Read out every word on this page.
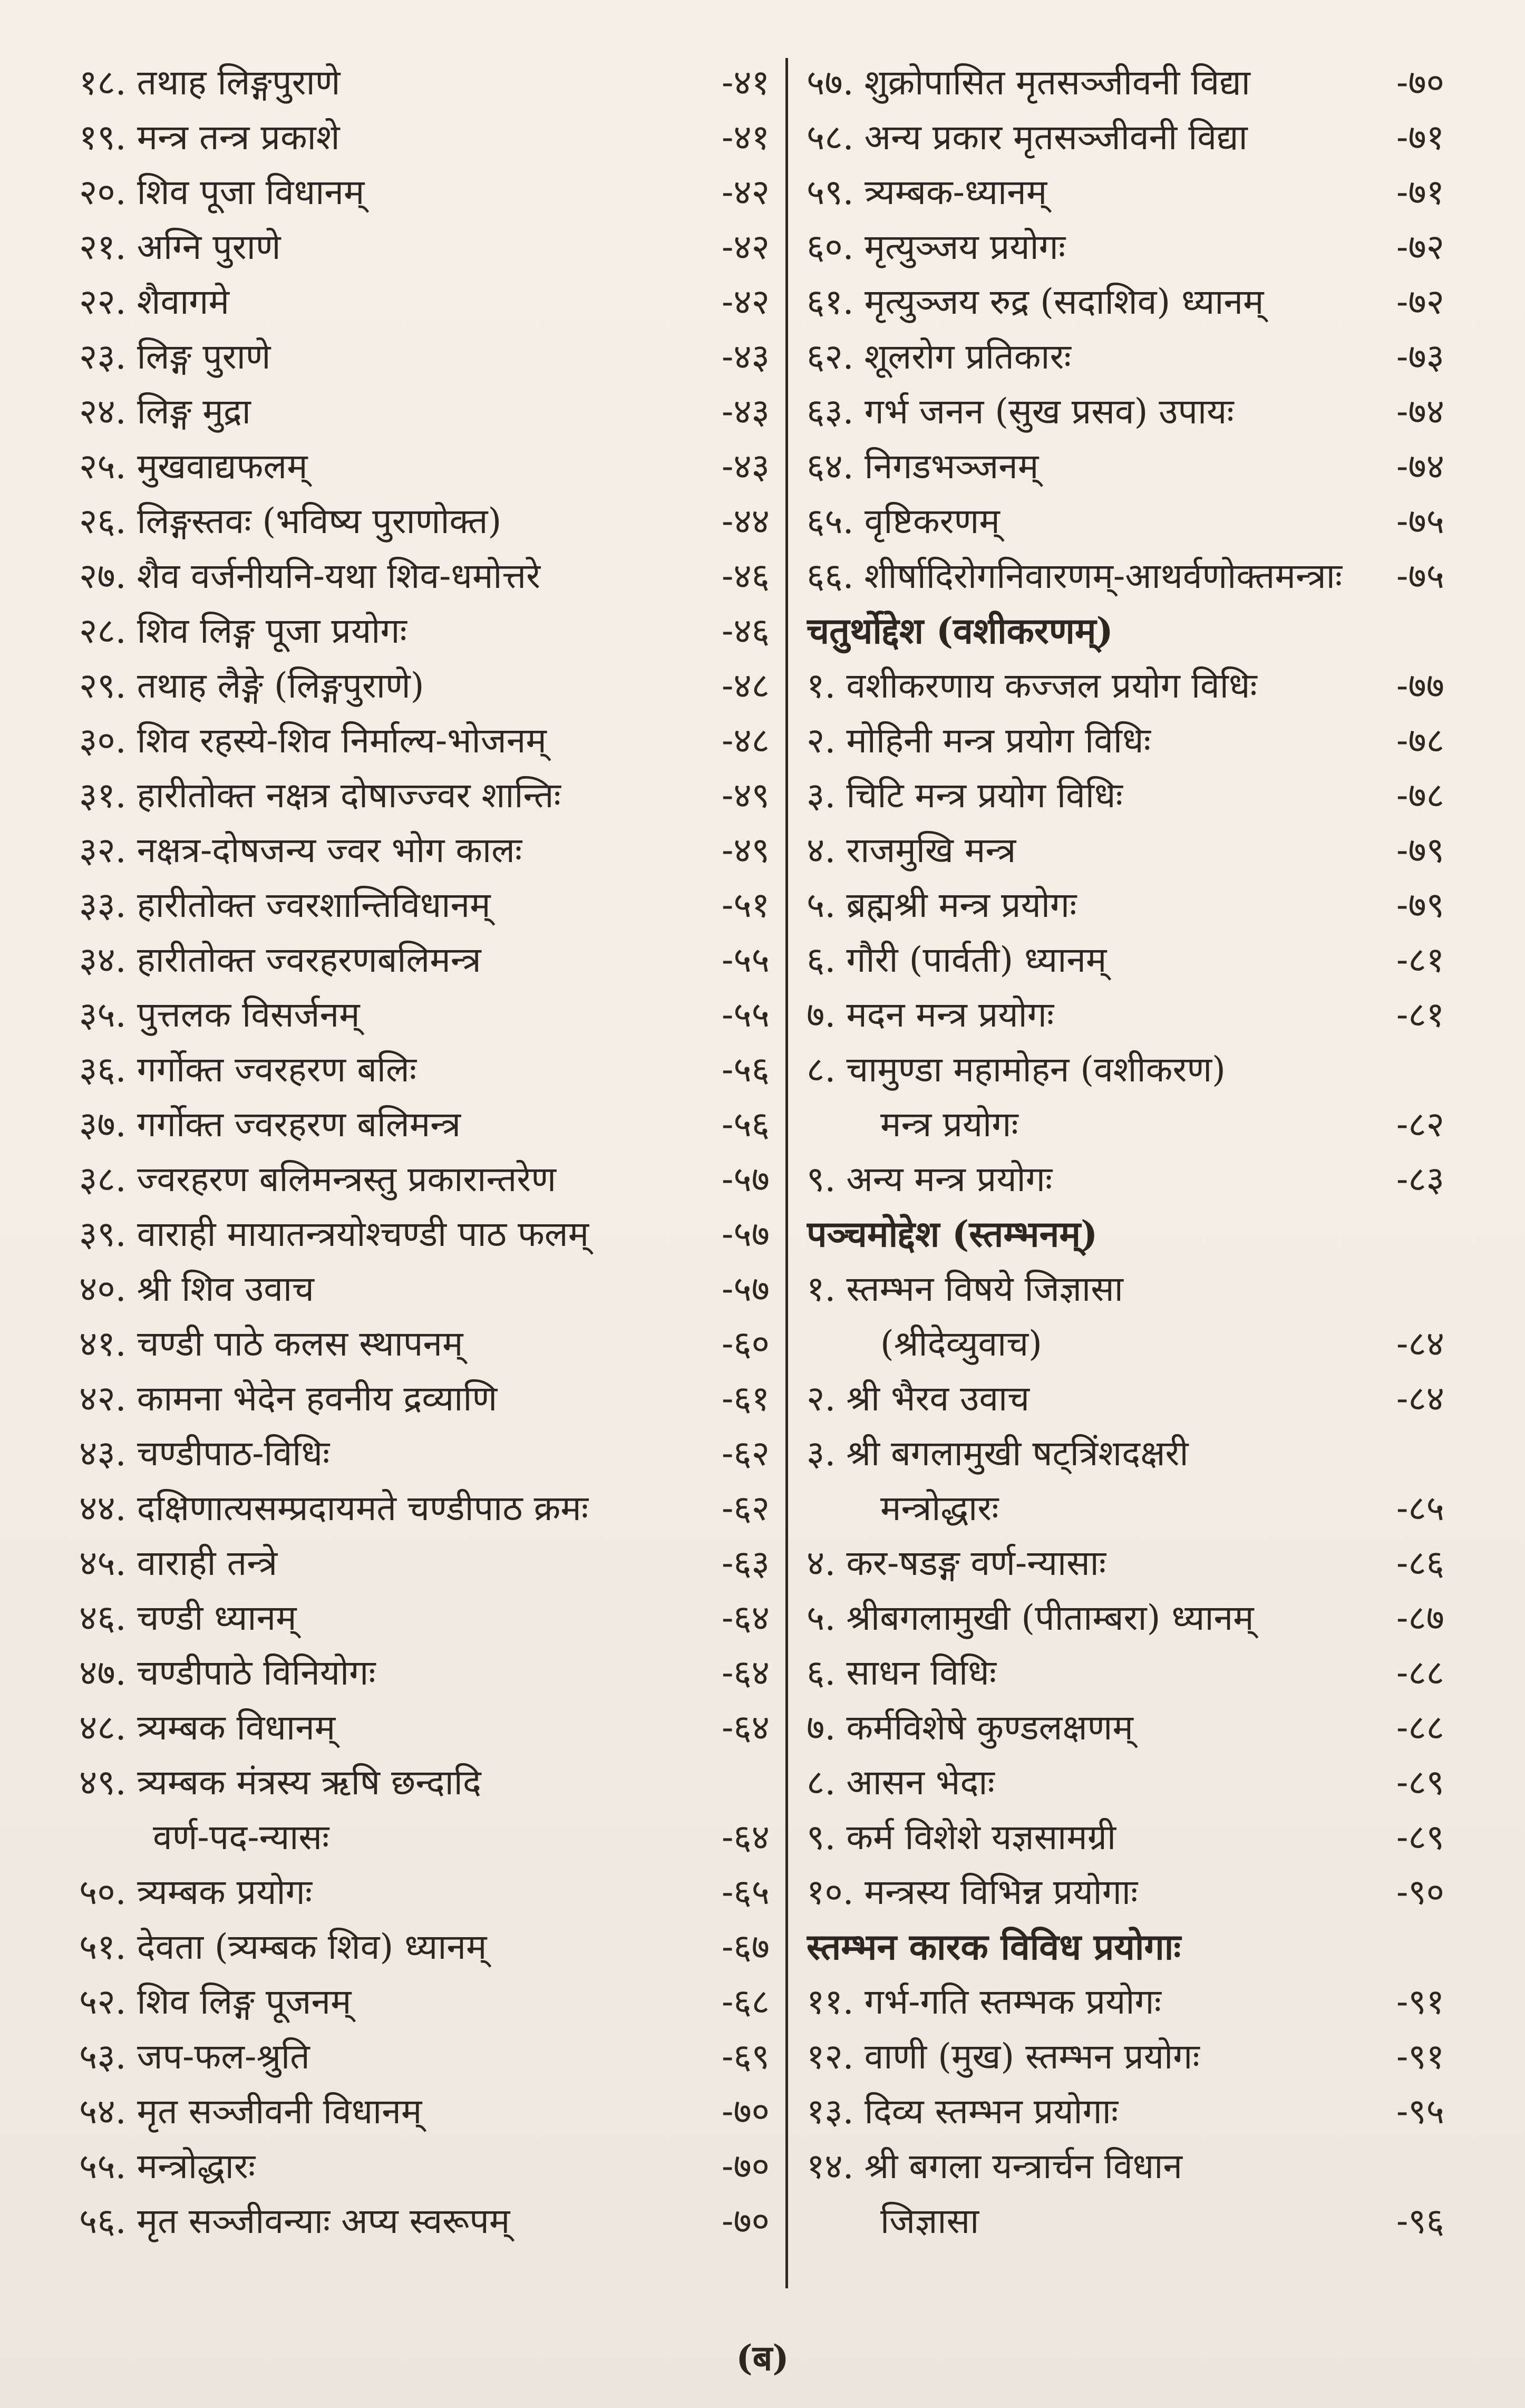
१८. तथाह लिङ्गपुराणे	-४१
१९. मन्त्र तन्त्र प्रकाशे	-४१
२०. शिव पूजा विधानम्	-४२
२१. अग्नि पुराणे	-४२
२२. शैवागमे	-४२
२३. लिङ्ग पुराणे	-४३
२४. लिङ्ग मुद्रा	-४३
२५. मुखवाद्यफलम्	-४३
२६. लिङ्गस्तवः (भविष्य पुराणोक्त)	-४४
२७. शैव वर्जनीयनि-यथा शिव-धमोत्तरे	-४६
२८. शिव लिङ्ग पूजा प्रयोगः	-४६
२९. तथाह लैङ्गे (लिङ्गपुराणे)	-४८
३०. शिव रहस्ये-शिव निर्माल्य-भोजनम्	-४८
३१. हारीतोक्त नक्षत्र दोषाज्ज्वर शान्तिः	-४९
३२. नक्षत्र-दोषजन्य ज्वर भोग कालः	-४९
३३. हारीतोक्त ज्वरशान्तिविधानम्	-५१
३४. हारीतोक्त ज्वरहरणबलिमन्त्र	-५५
३५. पुत्तलक विसर्जनम्	-५५
३६. गर्गोक्त ज्वरहरण बलिः	-५६
३७. गर्गोक्त ज्वरहरण बलिमन्त्र	-५६
३८. ज्वरहरण बलिमन्त्रस्तु प्रकारान्तरेण	-५७
३९. वाराही मायातन्त्रयोश्चण्डी पाठ फलम्	-५७
४०. श्री शिव उवाच	-५७
४१. चण्डी पाठे कलस स्थापनम्	-६०
४२. कामना भेदेन हवनीय द्रव्याणि	-६१
४३. चण्डीपाठ-विधिः	-६२
४४. दक्षिणात्यसम्प्रदायमते चण्डीपाठ क्रमः	-६२
४५. वाराही तन्त्रे	-६३
४६. चण्डी ध्यानम्	-६४
४७. चण्डीपाठे विनियोगः	-६४
४८. त्र्यम्बक विधानम्	-६४
४९. त्र्यम्बक मंत्रस्य ऋषि छन्दादि
वर्ण-पद-न्यासः	-६४
५०. त्र्यम्बक प्रयोगः	-६५
५१. देवता (त्र्यम्बक शिव) ध्यानम्	-६७
५२. शिव लिङ्ग पूजनम्	-६८
५३. जप-फल-श्रुति	-६९
५४. मृत सञ्जीवनी विधानम्	-७०
५५. मन्त्रोद्धारः	-७०
५६. मृत सञ्जीवन्याः अप्य स्वरूपम्	-७०
५७. शुक्रोपासित मृतसञ्जीवनी विद्या	-७०
५८. अन्य प्रकार मृतसञ्जीवनी विद्या	-७१
५९. त्र्यम्बक-ध्यानम्	-७१
६०. मृत्युञ्जय प्रयोगः	-७२
६१. मृत्युञ्जय रुद्र (सदाशिव) ध्यानम्	-७२
६२. शूलरोग प्रतिकारः	-७३
६३. गर्भ जनन (सुख प्रसव) उपायः	-७४
६४. निगडभञ्जनम्	-७४
६५. वृष्टिकरणम्	-७५
६६. शीर्षादिरोगनिवारणम्-आथर्वणोक्तमन्त्राः	-७५
चतुर्थोद्देश (वशीकरणम्)
१. वशीकरणाय कज्जल प्रयोग विधिः	-७७
२. मोहिनी मन्त्र प्रयोग विधिः	-७८
३. चिटि मन्त्र प्रयोग विधिः	-७८
४. राजमुखि मन्त्र	-७९
५. ब्रह्मश्री मन्त्र प्रयोगः	-७९
६. गौरी (पार्वती) ध्यानम्	-८१
७. मदन मन्त्र प्रयोगः	-८१
८. चामुण्डा महामोहन (वशीकरण)
मन्त्र प्रयोगः	-८२
९. अन्य मन्त्र प्रयोगः	-८३
पञ्चमोद्देश (स्तम्भनम्)
१. स्तम्भन विषये जिज्ञासा
(श्रीदेव्युवाच)	-८४
२. श्री भैरव उवाच	-८४
३. श्री बगलामुखी षट्त्रिंशदक्षरी
मन्त्रोद्धारः	-८५
४. कर-षडङ्ग वर्ण-न्यासाः	-८६
५. श्रीबगलामुखी (पीताम्बरा) ध्यानम्	-८७
६. साधन विधिः	-८८
७. कर्मविशेषे कुण्डलक्षणम्	-८८
८. आसन भेदाः	-८९
९. कर्म विशेशे यज्ञसामग्री	-८९
१०. मन्त्रस्य विभिन्न प्रयोगाः	-९०
स्तम्भन कारक विविध प्रयोगाः
११. गर्भ-गति स्तम्भक प्रयोगः	-९१
१२. वाणी (मुख) स्तम्भन प्रयोगः	-९१
१३. दिव्य स्तम्भन प्रयोगाः	-९५
१४. श्री बगला यन्त्रार्चन विधान
जिज्ञासा	-९६
(ब)
